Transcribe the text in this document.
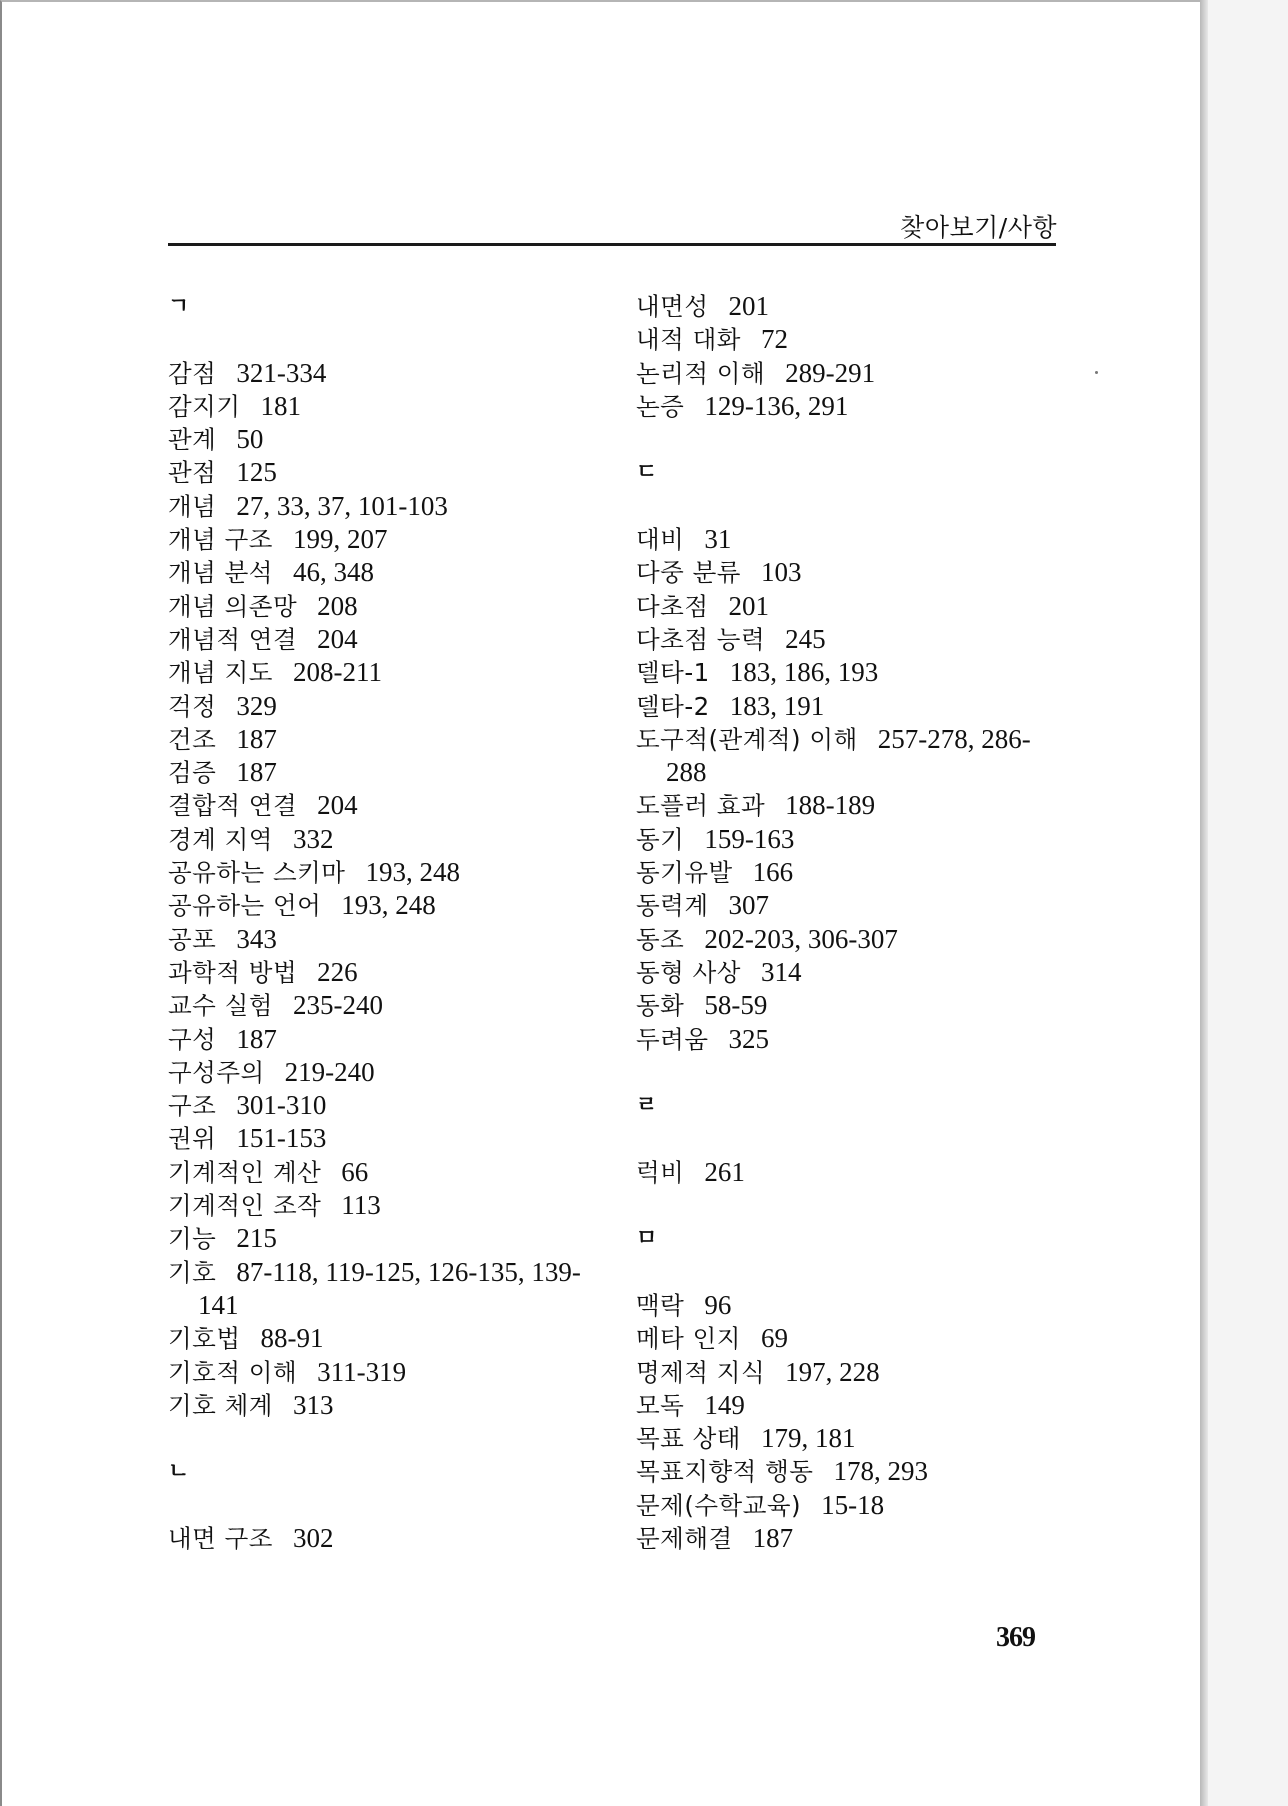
찾아보기/사항
ㄱ
감점 321-334
감지기 181
관계 50
관점 125
개념 27, 33, 37, 101-103
개념 구조 199, 207
개념 분석 46, 348
개념 의존망 208
개념적 연결 204
개념 지도 208-211
걱정 329
건조 187
검증 187
결합적 연결 204
경계 지역 332
공유하는 스키마 193, 248
공유하는 언어 193, 248
공포 343
과학적 방법 226
교수 실험 235-240
구성 187
구성주의 219-240
구조 301-310
권위 151-153
기계적인 계산 66
기계적인 조작 113
기능 215
기호 87-118, 119-125, 126-135, 139-
141
기호법 88-91
기호적 이해 311-319
기호 체계 313
ㄴ
내면 구조 302
내면성 201
내적 대화 72
논리적 이해 289-291
논증 129-136, 291
ㄷ
대비 31
다중 분류 103
다초점 201
다초점 능력 245
델타-1 183, 186, 193
델타-2 183, 191
도구적(관계적) 이해 257-278, 286-
288
도플러 효과 188-189
동기 159-163
동기유발 166
동력계 307
동조 202-203, 306-307
동형 사상 314
동화 58-59
두려움 325
ㄹ
럭비 261
ㅁ
맥락 96
메타 인지 69
명제적 지식 197, 228
모독 149
목표 상태 179, 181
목표지향적 행동 178, 293
문제(수학교육) 15-18
문제해결 187
369
